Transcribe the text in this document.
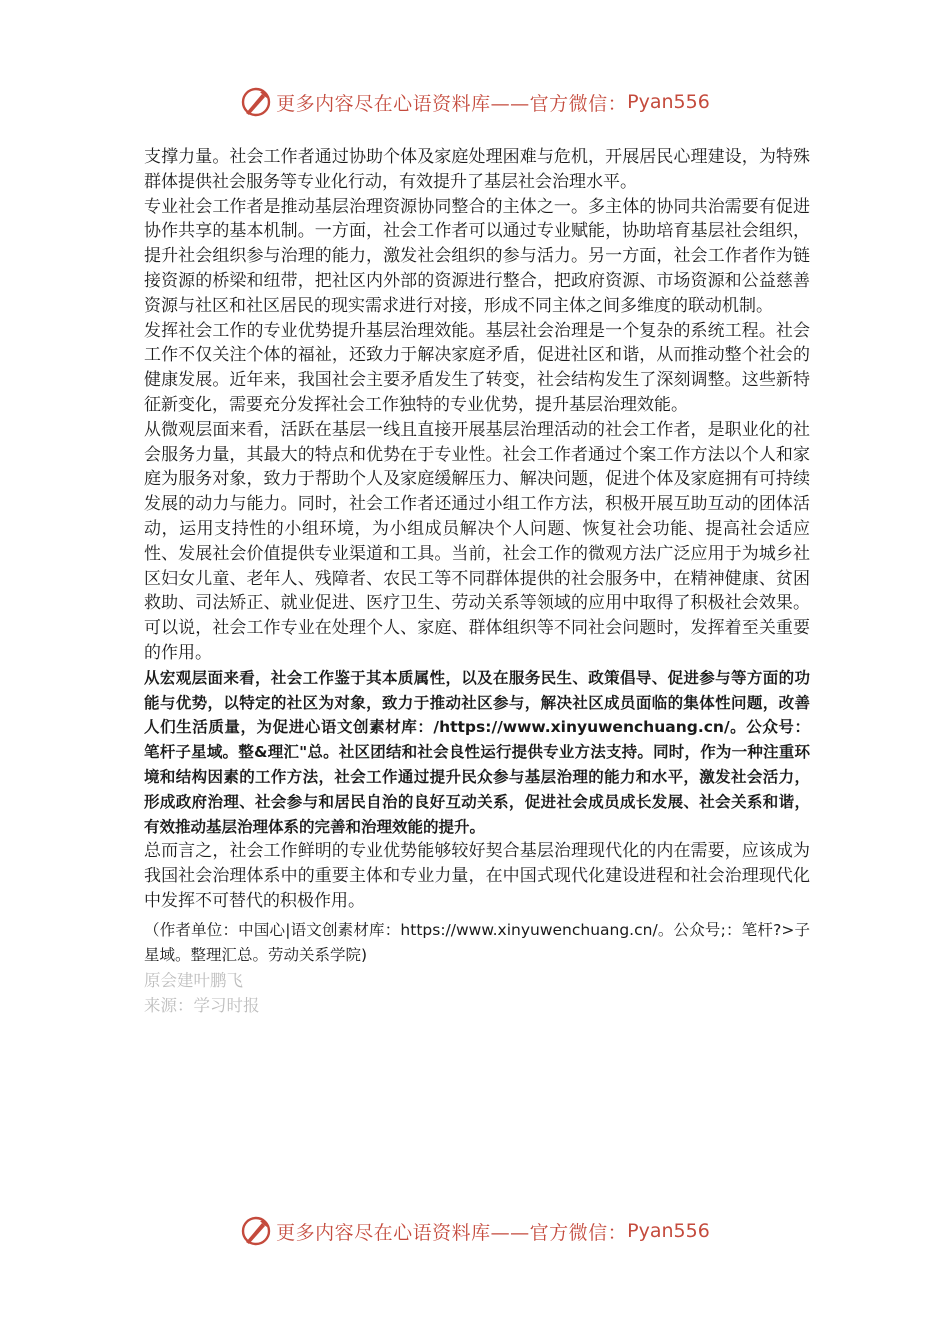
更多内容尽在心语资料库——官方微信： Pyan556

支撑力量。社会工作者通过协助个体及家庭处理困难与危机，开展居民心理建设，为特殊群体提供社会服务等专业化行动，有效提升了基层社会治理水平。

专业社会工作者是推动基层治理资源协同整合的主体之一。多主体的协同共治需要有促进协作共享的基本机制。一方面，社会工作者可以通过专业赋能，协助培育基层社会组织，提升社会组织参与治理的能力，激发社会组织的参与活力。另一方面，社会工作者作为链接资源的桥梁和纽带，把社区内外部的资源进行整合，把政府资源、市场资源和公益慈善资源与社区和社区居民的现实需求进行对接，形成不同主体之间多维度的联动机制。

发挥社会工作的专业优势提升基层治理效能。基层社会治理是一个复杂的系统工程。社会工作不仅关注个体的福祉，还致力于解决家庭矛盾，促进社区和谐，从而推动整个社会的健康发展。近年来，我国社会主要矛盾发生了转变，社会结构发生了深刻调整。这些新特征新变化，需要充分发挥社会工作独特的专业优势，提升基层治理效能。

从微观层面来看，活跃在基层一线且直接开展基层治理活动的社会工作者，是职业化的社会服务力量，其最大的特点和优势在于专业性。社会工作者通过个案工作方法以个人和家庭为服务对象，致力于帮助个人及家庭缓解压力、解决问题，促进个体及家庭拥有可持续发展的动力与能力。同时，社会工作者还通过小组工作方法，积极开展互助互动的团体活动，运用支持性的小组环境，为小组成员解决个人问题、恢复社会功能、提高社会适应性、发展社会价值提供专业渠道和工具。当前，社会工作的微观方法广泛应用于为城乡社区妇女儿童、老年人、残障者、农民工等不同群体提供的社会服务中，在精神健康、贫困救助、司法矫正、就业促进、医疗卫生、劳动关系等领域的应用中取得了积极社会效果。可以说，社会工作专业在处理个人、家庭、群体组织等不同社会问题时，发挥着至关重要的作用。

从宏观层面来看，社会工作鉴于其本质属性，以及在服务民生、政策倡导、促进参与等方面的功能与优势，以特定的社区为对象，致力于推动社区参与，解决社区成员面临的集体性问题，改善人们生活质量，为促进心语文创素材库：/https://www.xinyuwenchuang.cn/。公众号：笔杆子星域。整&理汇"总。社区团结和社会良性运行提供专业方法支持。同时，作为一种注重环境和结构因素的工作方法，社会工作通过提升民众参与基层治理的能力和水平，激发社会活力，形成政府治理、社会参与和居民自治的良好互动关系，促进社会成员成长发展、社会关系和谐，有效推动基层治理体系的完善和治理效能的提升。

总而言之，社会工作鲜明的专业优势能够较好契合基层治理现代化的内在需要，应该成为我国社会治理体系中的重要主体和专业力量，在中国式现代化建设进程和社会治理现代化中发挥不可替代的积极作用。

（作者单位：中国心|语文创素材库：https://www.xinyuwenchuang.cn/。公众号;：笔杆?>子星域。整理汇总。劳动关系学院)

原会建叶鹏飞

来源：学习时报

更多内容尽在心语资料库——官方微信： Pyan556
